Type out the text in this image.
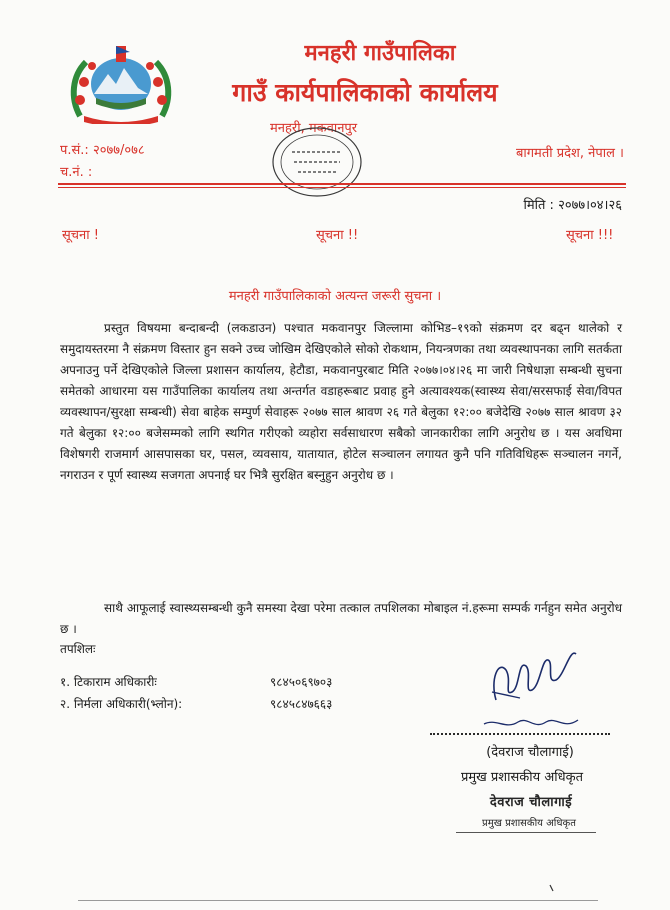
मनहरी गाउँपालिका
गाउँ कार्यपालिकाको कार्यालय
मनहरी, मकवानपुर
प.सं.: २०७७/०७८
च.नं. :
बागमती प्रदेश, नेपाल ।
मिति : २०७७।०४।२६
सूचना !	सूचना !!	सूचना !!!
मनहरी गाउँपालिकाको अत्यन्त जरूरी सुचना ।
प्रस्तुत विषयमा बन्दाबन्दी (लकडाउन) पश्चात मकवानपुर जिल्लामा कोभिड–१९को संक्रमण दर बढ्न थालेको र समुदायस्तरमा नै संक्रमण विस्तार हुन सक्ने उच्च जोखिम देखिएकोले सोको रोकथाम, नियन्त्रणका तथा व्यवस्थापनका लागि सतर्कता अपनाउनु पर्ने देखिएकोले जिल्ला प्रशासन कार्यालय, हेटौडा, मकवानपुरबाट मिति २०७७।०४।२६ मा जारी निषेधाज्ञा सम्बन्धी सुचना समेतको आधारमा यस गाउँपालिका कार्यालय तथा अन्तर्गत वडाहरूबाट प्रवाह हुने अत्यावश्यक(स्वास्थ्य सेवा/सरसफाई सेवा/विपत व्यवस्थापन/सुरक्षा सम्बन्धी) सेवा बाहेक सम्पुर्ण सेवाहरू २०७७ साल श्रावण २६ गते बेलुका १२:०० बजेदेखि २०७७ साल श्रावण ३२ गते बेलुका १२:०० बजेसम्मको लागि स्थगित गरीएको व्यहोरा सर्वसाधारण सबैको जानकारीका लागि अनुरोध छ । यस अवधिमा विशेषगरी राजमार्ग आसपासका घर, पसल, व्यवसाय, यातायात, होटेल सञ्चालन लगायत कुनै पनि गतिविधिहरू सञ्चालन नगर्ने, नगराउन र पूर्ण स्वास्थ्य सजगता अपनाई घर भित्रै सुरक्षित बस्नुहुन अनुरोध छ ।
साथै आफूलाई स्वास्थ्यसम्बन्धी कुनै समस्या देखा परेमा तत्काल तपशिलका मोबाइल नं.हरूमा सम्पर्क गर्नहुन समेत अनुरोध छ ।
तपशिलः
१. टिकाराम अधिकारीः	९८४५०६९७०३
२. निर्मला अधिकारी(भ्लोन):	९८४५८४७६६३
(देवराज चौलागाई)
प्रमुख प्रशासकीय अधिकृत
देवराज चौलागाई
प्रमुख प्रशासकीय अधिकृत
